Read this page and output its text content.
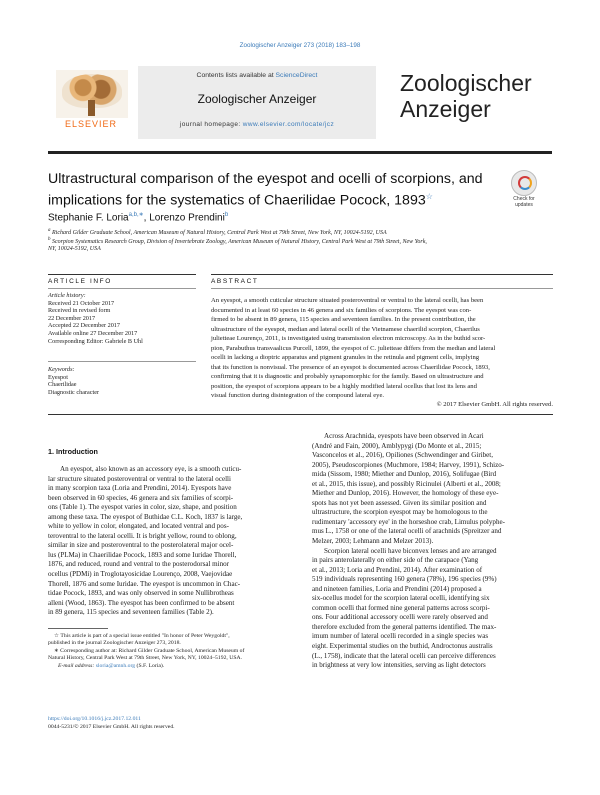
Zoologischer Anzeiger 273 (2018) 183–198
ELSEVIER
Contents lists available at ScienceDirect
Zoologischer Anzeiger
journal homepage: www.elsevier.com/locate/jcz
Zoologischer
Anzeiger
Ultrastructural comparison of the eyespot and ocelli of scorpions, and implications for the systematics of Chaerilidae Pocock, 1893☆	Check for
updates
Stephanie F. Loria$^{a,b,∗}$, Lorenzo Prendini$^b$
$^a$ Richard Gilder Graduate School, American Museum of Natural History, Central Park West at 79th Street, New York, NY, 10024-5192, USA
$^b$ Scorpion Systematics Research Group, Division of Invertebrate Zoology, American Museum of Natural History, Central Park West at 79th Street, New York,
NY, 10024-5192, USA
ARTICLE INFO
Article history:
Received 21 October 2017
Received in revised form
22 December 2017
Accepted 22 December 2017
Available online 27 December 2017
Corresponding Editor: Gabriele B Uhl
Keywords:
Eyespot
Chaerilidae
Diagnostic character
ABSTRACT
An eyespot, a smooth cuticular structure situated posteroventral or ventral to the lateral ocelli, has been
documented in at least 60 species in 46 genera and six families of scorpions. The eyespot was con-
firmed to be absent in 89 genera, 115 species and seventeen families. In the present contribution, the
ultrastructure of the eyespot, median and lateral ocelli of the Vietnamese chaerilid scorpion, Chaerilus
julietteae Lourenço, 2011, is investigated using transmission electron microscopy. As in the buthid scor-
pion, Parabuthus transvaalicus Purcell, 1899, the eyespot of C. julietteae differs from the median and lateral
ocelli in lacking a dioptric apparatus and pigment granules in the retinula and pigment cells, implying
that its function is nonvisual. The presence of an eyespot is documented across Chaerilidae Pocock, 1893,
confirming that it is diagnostic and probably synapomorphic for the family. Based on ultrastructure and
position, the eyespot of scorpions appears to be a highly modified lateral ocellus that lost its lens and
visual function during disintegration of the compound lateral eye.
© 2017 Elsevier GmbH. All rights reserved.
1. Introduction
An eyespot, also known as an accessory eye, is a smooth cuticu-
lar structure situated posteroventral or ventral to the lateral ocelli
in many scorpion taxa (Loria and Prendini, 2014). Eyespots have
been observed in 60 species, 46 genera and six families of scorpi-
ons (Table 1). The eyespot varies in color, size, shape, and position
among these taxa. The eyespot of Buthidae C.L. Koch, 1837 is large,
white to yellow in color, elongated, and located ventral and pos-
teroventral to the lateral ocelli. It is bright yellow, round to oblong,
similar in size and posteroventral to the posterolateral major ocel-
lus (PLMa) in Chaerilidae Pocock, 1893 and some Iuridae Thorell,
1876, and reduced, round and ventral to the posterodorsal minor
ocellus (PDMi) in Troglotayosicidae Lourenço, 2008, Vaejovidae
Thorell, 1876 and some Iuridae. The eyespot is uncommon in Chac-
tidae Pocock, 1893, and was only observed in some Nullibrotheas
alleni (Wood, 1863). The eyespot has been confirmed to be absent
in 89 genera, 115 species and seventeen families (Table 2).
Across Arachnida, eyespots have been observed in Acari
(André and Fain, 2000), Amblypygi (Do Monte et al., 2015;
Vasconcelos et al., 2016), Opiliones (Schwendinger and Giribet,
2005), Pseudoscorpiones (Muchmore, 1984; Harvey, 1991), Schizo-
mida (Sissom, 1980; Miether and Dunlop, 2016), Solifugae (Bird
et al., 2015, this issue), and possibly Ricinulei (Alberti et al., 2008;
Miether and Dunlop, 2016). However, the homology of these eye-
spots has not yet been assessed. Given its similar position and
ultrastructure, the scorpion eyespot may be homologous to the
rudimentary 'accessory eye' in the horseshoe crab, Limulus polyphe-
mus L., 1758 or one of the lateral ocelli of arachnids (Spreitzer and
Melzer, 2003; Lehmann and Melzer 2013).
Scorpion lateral ocelli have biconvex lenses and are arranged
in pairs anterolaterally on either side of the carapace (Yang
et al., 2013; Loria and Prendini, 2014). After examination of
519 individuals representing 160 genera (78%), 196 species (9%)
and nineteen families, Loria and Prendini (2014) proposed a
six-ocellus model for the scorpion lateral ocelli, identifying six
common ocelli that formed nine general patterns across scorpi-
ons. Four additional accessory ocelli were rarely observed and
therefore excluded from the general patterns identified. The max-
imum number of lateral ocelli recorded in a single species was
eight. Experimental studies on the buthid, Androctonus australis
(L., 1758), indicate that the lateral ocelli can perceive differences
in brightness at very low intensities, serving as light detectors
☆ This article is part of a special issue entitled "In honor of Peter Weygoldt",
published in the journal Zoologischer Anzeiger 273, 2018.
∗ Corresponding author at: Richard Gilder Graduate School, American Museum of
Natural History, Central Park West at 79th Street, New York, NY, 10024–5192, USA.
E-mail address: sloria@amnh.org (S.F. Loria).
https://doi.org/10.1016/j.jcz.2017.12.011
0044-5231/© 2017 Elsevier GmbH. All rights reserved.
